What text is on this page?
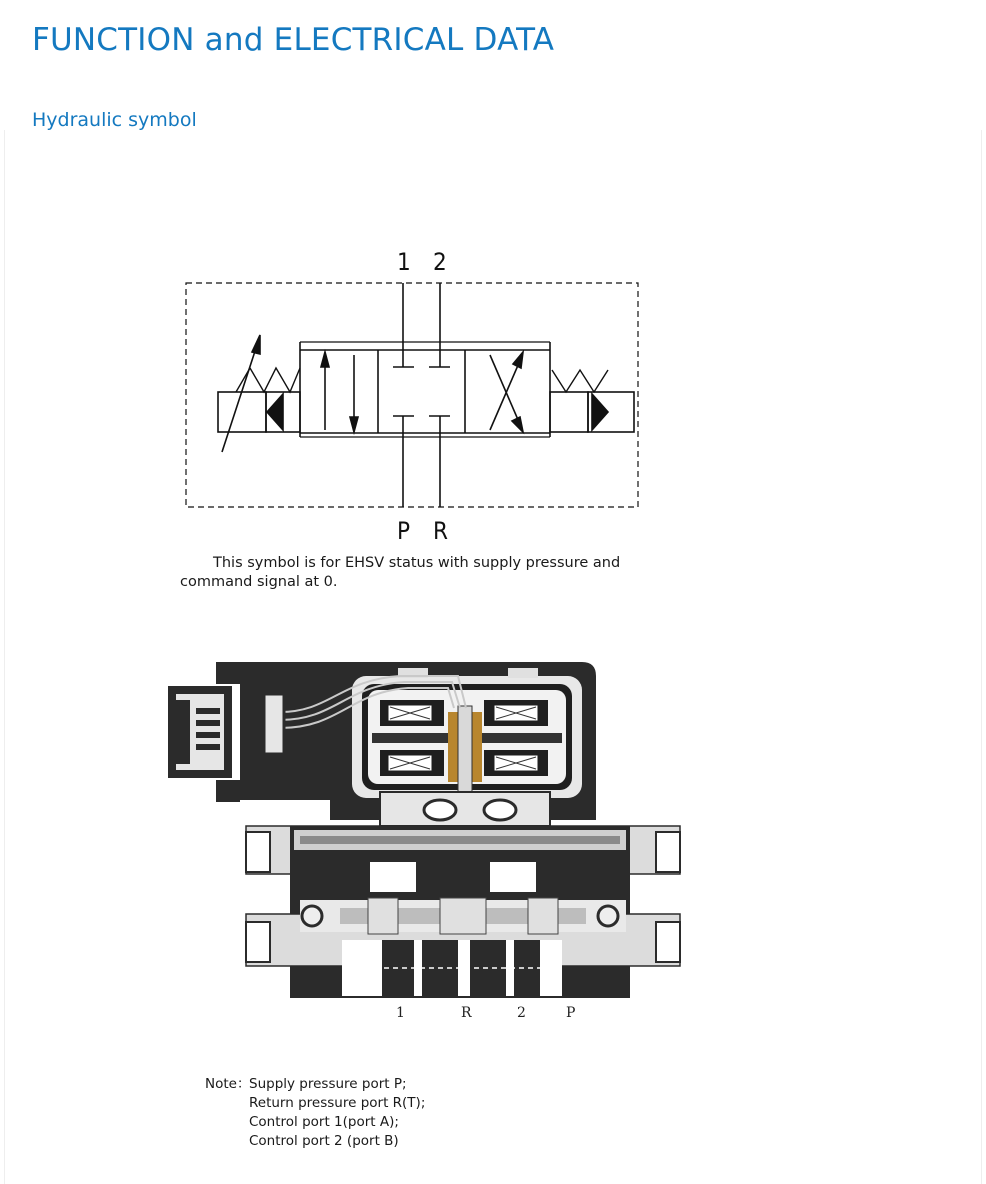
FUNCTION and ELECTRICAL DATA
Hydraulic symbol
1 2
P R

This symbol is for EHSV status with supply pressure and command signal at 0.

1	R	2	P
Note：
Supply pressure port P;
Return pressure port R(T);
Control port 1(port A);
Control port 2 (port B)
